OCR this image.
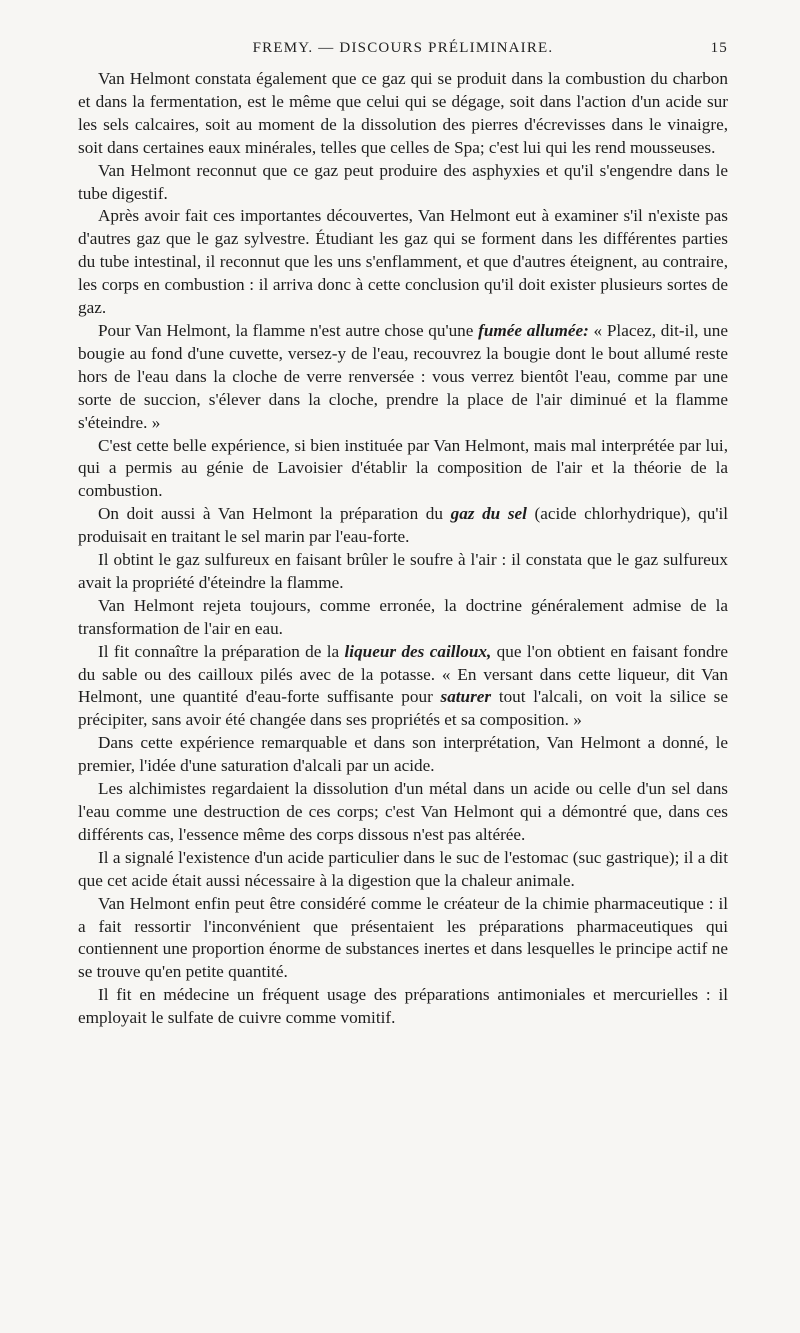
FREMY. — DISCOURS PRÉLIMINAIRE.	15

Van Helmont constata également que ce gaz qui se produit dans la combustion du charbon et dans la fermentation, est le même que celui qui se dégage, soit dans l'action d'un acide sur les sels calcaires, soit au moment de la dissolution des pierres d'écrevisses dans le vinaigre, soit dans certaines eaux minérales, telles que celles de Spa; c'est lui qui les rend mousseuses.

Van Helmont reconnut que ce gaz peut produire des asphyxies et qu'il s'engendre dans le tube digestif.

Après avoir fait ces importantes découvertes, Van Helmont eut à examiner s'il n'existe pas d'autres gaz que le gaz sylvestre. Étudiant les gaz qui se forment dans les différentes parties du tube intestinal, il reconnut que les uns s'enflamment, et que d'autres éteignent, au contraire, les corps en combustion : il arriva donc à cette conclusion qu'il doit exister plusieurs sortes de gaz.

Pour Van Helmont, la flamme n'est autre chose qu'une fumée allumée: « Placez, dit-il, une bougie au fond d'une cuvette, versez-y de l'eau, recouvrez la bougie dont le bout allumé reste hors de l'eau dans la cloche de verre renversée : vous verrez bientôt l'eau, comme par une sorte de succion, s'élever dans la cloche, prendre la place de l'air diminué et la flamme s'éteindre. »

C'est cette belle expérience, si bien instituée par Van Helmont, mais mal interprétée par lui, qui a permis au génie de Lavoisier d'établir la composition de l'air et la théorie de la combustion.

On doit aussi à Van Helmont la préparation du gaz du sel (acide chlorhydrique), qu'il produisait en traitant le sel marin par l'eau-forte.

Il obtint le gaz sulfureux en faisant brûler le soufre à l'air : il constata que le gaz sulfureux avait la propriété d'éteindre la flamme.

Van Helmont rejeta toujours, comme erronée, la doctrine généralement admise de la transformation de l'air en eau.

Il fit connaître la préparation de la liqueur des cailloux, que l'on obtient en faisant fondre du sable ou des cailloux pilés avec de la potasse. « En versant dans cette liqueur, dit Van Helmont, une quantité d'eau-forte suffisante pour saturer tout l'alcali, on voit la silice se précipiter, sans avoir été changée dans ses propriétés et sa composition. »

Dans cette expérience remarquable et dans son interprétation, Van Helmont a donné, le premier, l'idée d'une saturation d'alcali par un acide.

Les alchimistes regardaient la dissolution d'un métal dans un acide ou celle d'un sel dans l'eau comme une destruction de ces corps; c'est Van Helmont qui a démontré que, dans ces différents cas, l'essence même des corps dissous n'est pas altérée.

Il a signalé l'existence d'un acide particulier dans le suc de l'estomac (suc gastrique); il a dit que cet acide était aussi nécessaire à la digestion que la chaleur animale.

Van Helmont enfin peut être considéré comme le créateur de la chimie pharmaceutique : il a fait ressortir l'inconvénient que présentaient les préparations pharmaceutiques qui contiennent une proportion énorme de substances inertes et dans lesquelles le principe actif ne se trouve qu'en petite quantité.

Il fit en médecine un fréquent usage des préparations antimoniales et mercurielles : il employait le sulfate de cuivre comme vomitif.
